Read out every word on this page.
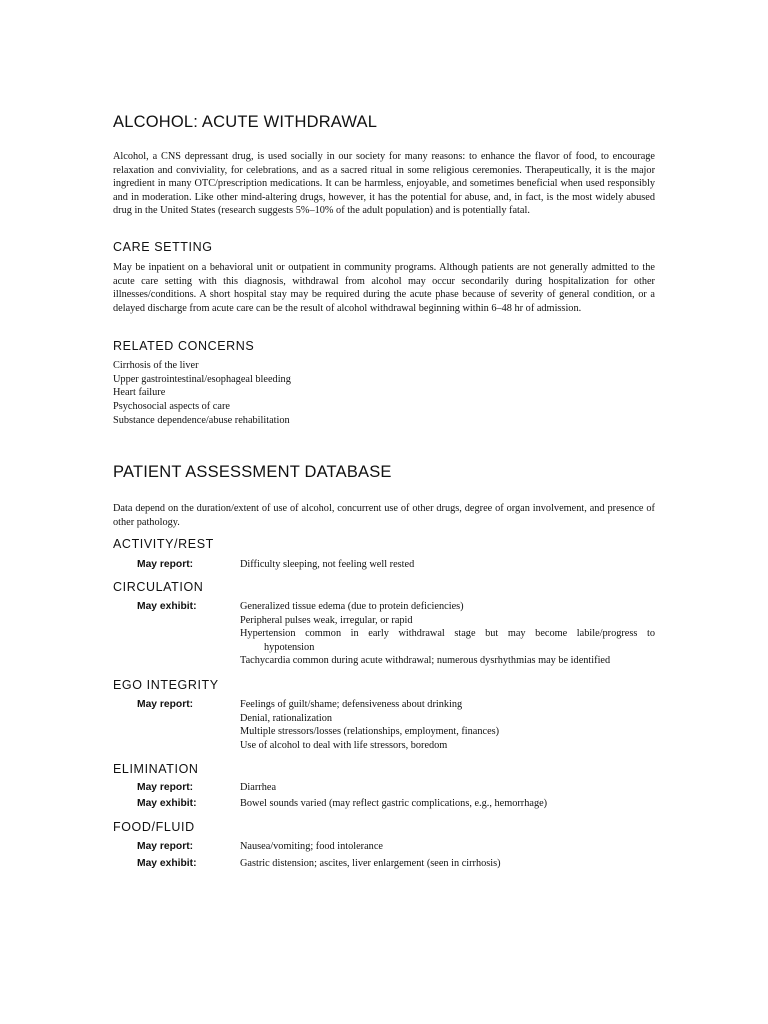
ALCOHOL: ACUTE WITHDRAWAL

Alcohol, a CNS depressant drug, is used socially in our society for many reasons: to enhance the flavor of food, to encourage relaxation and conviviality, for celebrations, and as a sacred ritual in some religious ceremonies. Therapeutically, it is the major ingredient in many OTC/prescription medications. It can be harmless, enjoyable, and sometimes beneficial when used responsibly and in moderation. Like other mind-altering drugs, however, it has the potential for abuse, and, in fact, is the most widely abused drug in the United States (research suggests 5%–10% of the adult population) and is potentially fatal.

CARE SETTING

May be inpatient on a behavioral unit or outpatient in community programs. Although patients are not generally admitted to the acute care setting with this diagnosis, withdrawal from alcohol may occur secondarily during hospitalization for other illnesses/conditions. A short hospital stay may be required during the acute phase because of severity of general condition, or a delayed discharge from acute care can be the result of alcohol withdrawal beginning within 6–48 hr of admission.

RELATED CONCERNS
Cirrhosis of the liver
Upper gastrointestinal/esophageal bleeding
Heart failure
Psychosocial aspects of care
Substance dependence/abuse rehabilitation
PATIENT ASSESSMENT DATABASE

Data depend on the duration/extent of use of alcohol, concurrent use of other drugs, degree of organ involvement, and presence of other pathology.

ACTIVITY/REST
May report:	Difficulty sleeping, not feeling well rested
CIRCULATION
May exhibit:	Generalized tissue edema (due to protein deficiencies)
Peripheral pulses weak, irregular, or rapid
Hypertension common in early withdrawal stage but may become labile/progress to
hypotension
Tachycardia common during acute withdrawal; numerous dysrhythmias may be identified
EGO INTEGRITY
May report:	Feelings of guilt/shame; defensiveness about drinking
Denial, rationalization
Multiple stressors/losses (relationships, employment, finances)
Use of alcohol to deal with life stressors, boredom
ELIMINATION
May report:	Diarrhea
May exhibit:	Bowel sounds varied (may reflect gastric complications, e.g., hemorrhage)
FOOD/FLUID
May report:	Nausea/vomiting; food intolerance
May exhibit:	Gastric distension; ascites, liver enlargement (seen in cirrhosis)
